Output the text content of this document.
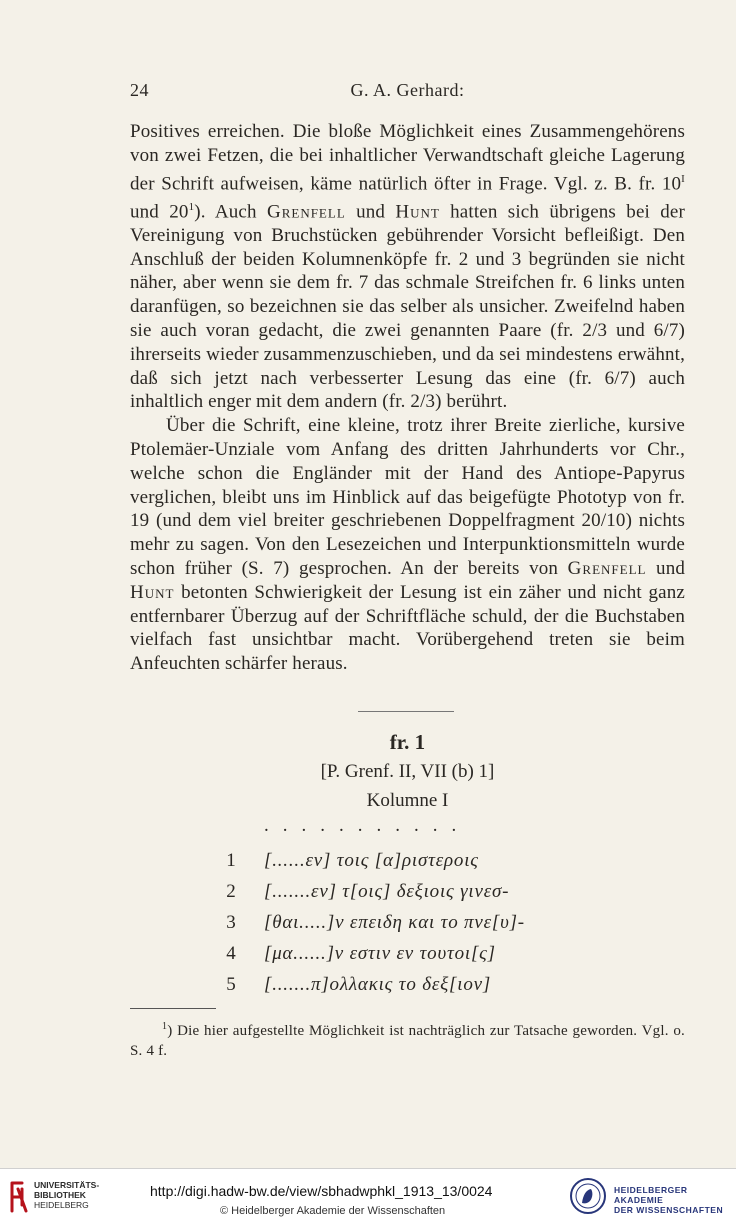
24	G. A. Gerhard:

Positives erreichen. Die bloße Möglichkeit eines Zusammengehörens von zwei Fetzen, die bei inhaltlicher Verwandtschaft gleiche Lagerung der Schrift aufweisen, käme natürlich öfter in Frage. Vgl. z. B. fr. $10^I$ und $20^1$). Auch Grenfell und Hunt hatten sich übrigens bei der Vereinigung von Bruchstücken gebührender Vorsicht befleißigt. Den Anschluß der beiden Kolumnenköpfe fr. 2 und 3 begründen sie nicht näher, aber wenn sie dem fr. 7 das schmale Streifchen fr. 6 links unten daranfügen, so bezeichnen sie das selber als unsicher. Zweifelnd haben sie auch voran gedacht, die zwei genannten Paare (fr. 2/3 und 6/7) ihrerseits wieder zusammenzuschieben, und da sei mindestens erwähnt, daß sich jetzt nach verbesserter Lesung das eine (fr. 6/7) auch inhaltlich enger mit dem andern (fr. 2/3) berührt.

Über die Schrift, eine kleine, trotz ihrer Breite zierliche, kursive Ptolemäer-Unziale vom Anfang des dritten Jahrhunderts vor Chr., welche schon die Engländer mit der Hand des Antiope-Papyrus verglichen, bleibt uns im Hinblick auf das beigefügte Phototyp von fr. 19 (und dem viel breiter geschriebenen Doppelfragment 20/10) nichts mehr zu sagen. Von den Lesezeichen und Interpunktionsmitteln wurde schon früher (S. 7) gesprochen. An der bereits von Grenfell und Hunt betonten Schwierigkeit der Lesung ist ein zäher und nicht ganz entfernbarer Überzug auf der Schriftfläche schuld, der die Buchstaben vielfach fast unsichtbar macht. Vorübergehend treten sie beim Anfeuchten schärfer heraus.

fr. 1
[P. Grenf. II, VII (b) 1]
Kolumne I
...........
1 [......εν] τοις [α]ριστεροις
2 [.......εν] τ[οις] δεξιοις γινεσ-
3 [θαι.....]ν επειδη και το πνε[υ]-
4 [μα......]ν εστιν εν τουτοι[ς]
5 [.......π]ολλακις το δεξ[ιον]
$^1$) Die hier aufgestellte Möglichkeit ist nachträglich zur Tatsache geworden. Vgl. o. S. 4 f.
UNIVERSITÄTS-
BIBLIOTHEK
HEIDELBERG
http://digi.hadw-bw.de/view/sbhadwphkl_1913_13/0024
© Heidelberger Akademie der Wissenschaften
HEIDELBERGER AKADEMIE
DER WISSENSCHAFTEN
